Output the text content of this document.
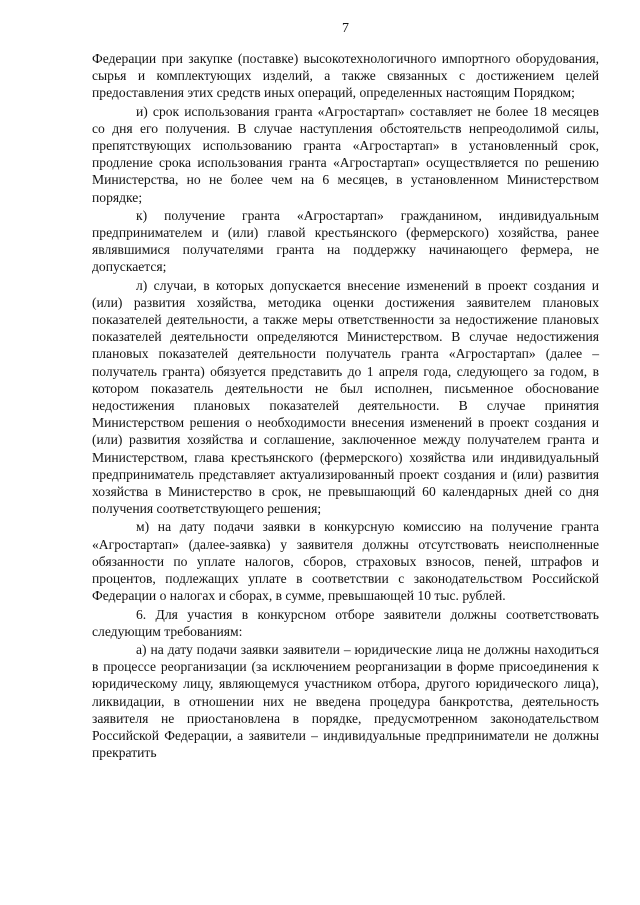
7

Федерации при закупке (поставке) высокотехнологичного импортного оборудования, сырья и комплектующих изделий, а также связанных с достижением целей предоставления этих средств иных операций, определенных настоящим Порядком;

и) срок использования гранта «Агростартап» составляет не более 18 месяцев со дня его получения. В случае наступления обстоятельств непреодолимой силы, препятствующих использованию гранта «Агростартап» в установленный срок, продление срока использования гранта «Агростартап» осуществляется по решению Министерства, но не более чем на 6 месяцев, в установленном Министерством порядке;

к) получение гранта «Агростартап» гражданином, индивидуальным предпринимателем и (или) главой крестьянского (фермерского) хозяйства, ранее являвшимися получателями гранта на поддержку начинающего фермера, не допускается;

л) случаи, в которых допускается внесение изменений в проект создания и (или) развития хозяйства, методика оценки достижения заявителем плановых показателей деятельности, а также меры ответственности за недостижение плановых показателей деятельности определяются Министерством. В случае недостижения плановых показателей деятельности получатель гранта «Агростартап» (далее – получатель гранта) обязуется представить до 1 апреля года, следующего за годом, в котором показатель деятельности не был исполнен, письменное обоснование недостижения плановых показателей деятельности. В случае принятия Министерством решения о необходимости внесения изменений в проект создания и (или) развития хозяйства и соглашение, заключенное между получателем гранта и Министерством, глава крестьянского (фермерского) хозяйства или индивидуальный предприниматель представляет актуализированный проект создания и (или) развития хозяйства в Министерство в срок, не превышающий 60 календарных дней со дня получения соответствующего решения;

м) на дату подачи заявки в конкурсную комиссию на получение гранта «Агростартап» (далее-заявка) у заявителя должны отсутствовать неисполненные обязанности по уплате налогов, сборов, страховых взносов, пеней, штрафов и процентов, подлежащих уплате в соответствии с законодательством Российской Федерации о налогах и сборах, в сумме, превышающей 10 тыс. рублей.

6. Для участия в конкурсном отборе заявители должны соответствовать следующим требованиям:

а) на дату подачи заявки заявители – юридические лица не должны находиться в процессе реорганизации (за исключением реорганизации в форме присоединения к юридическому лицу, являющемуся участником отбора, другого юридического лица), ликвидации, в отношении них не введена процедура банкротства, деятельность заявителя не приостановлена в порядке, предусмотренном законодательством Российской Федерации, а заявители – индивидуальные предприниматели не должны прекратить
